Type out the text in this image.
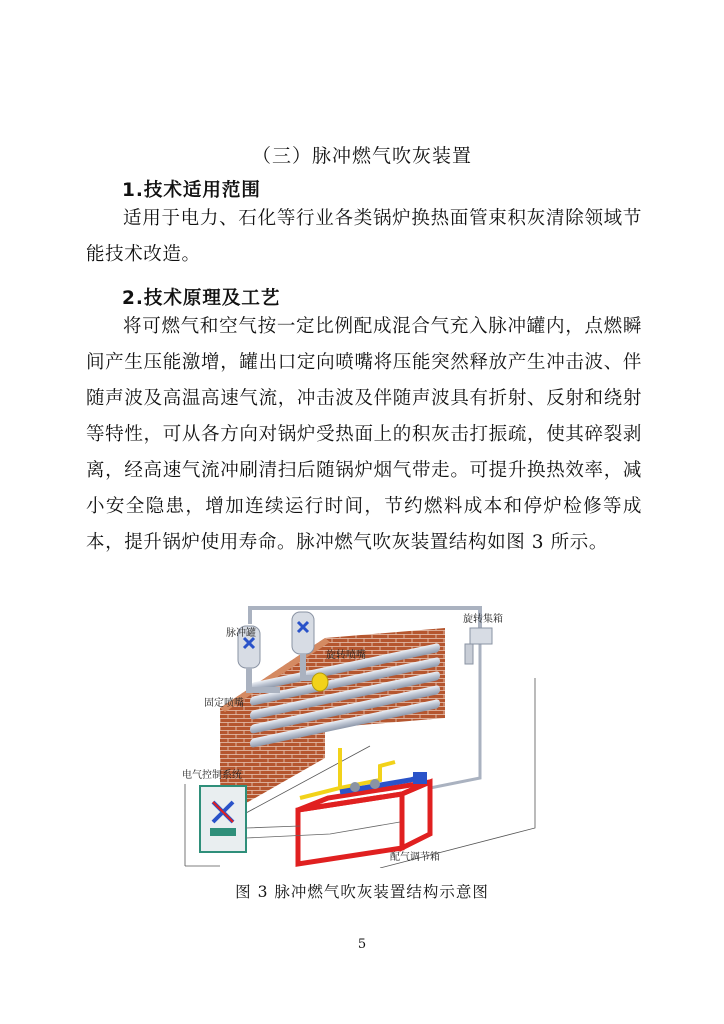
（三）脉冲燃气吹灰装置
1.技术适用范围
适用于电力、石化等行业各类锅炉换热面管束积灰清除领域节能技术改造。
2.技术原理及工艺
将可燃气和空气按一定比例配成混合气充入脉冲罐内，点燃瞬间产生压能激增，罐出口定向喷嘴将压能突然释放产生冲击波、伴随声波及高温高速气流，冲击波及伴随声波具有折射、反射和绕射等特性，可从各方向对锅炉受热面上的积灰击打振疏，使其碎裂剥离，经高速气流冲刷清扫后随锅炉烟气带走。可提升换热效率，减小安全隐患，增加连续运行时间，节约燃料成本和停炉检修等成本，提升锅炉使用寿命。脉冲燃气吹灰装置结构如图 3 所示。
脉冲罐
旋转喷嘴
旋转集箱
固定喷嘴
电气控制系统
配气调节箱
图 3 脉冲燃气吹灰装置结构示意图
5
